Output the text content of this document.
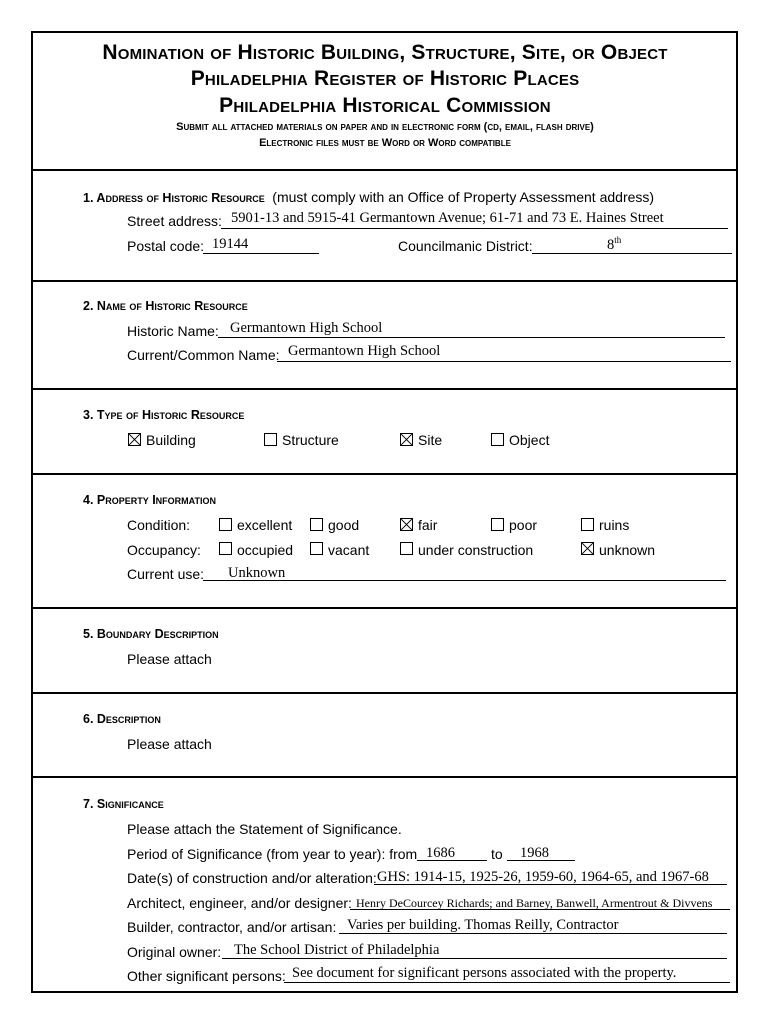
Nomination of Historic Building, Structure, Site, or Object
Philadelphia Register of Historic Places
Philadelphia Historical Commission
Submit all attached materials on paper and in electronic form (cd, email, flash drive)
Electronic files must be Word or Word compatible
1. Address of Historic Resource (must comply with an Office of Property Assessment address)
Street address: 5901-13 and 5915-41 Germantown Avenue; 61-71 and 73 E. Haines Street
Postal code: 19144	Councilmanic District:	8th
2. Name of Historic Resource
Historic Name: Germantown High School
Current/Common Name: Germantown High School
3. Type of Historic Resource
Building	Structure	Site	Object
4. Property Information
Condition:	excellent	good	fair	poor	ruins
Occupancy:	occupied vacant	under construction	unknown
Current use: Unknown
5. Boundary Description
Please attach
6. Description
Please attach
7. Significance
Please attach the Statement of Significance.
Period of Significance (from year to year): from 1686	to 1968
Date(s) of construction and/or alteration: GHS: 1914-15, 1925-26, 1959-60, 1964-65, and 1967-68
Architect, engineer, and/or designer: Henry DeCourcey Richards; and Barney, Banwell, Armentrout & Divvens
Builder, contractor, and/or artisan: Varies per building. Thomas Reilly, Contractor
Original owner: The School District of Philadelphia
Other significant persons: See document for significant persons associated with the property.
